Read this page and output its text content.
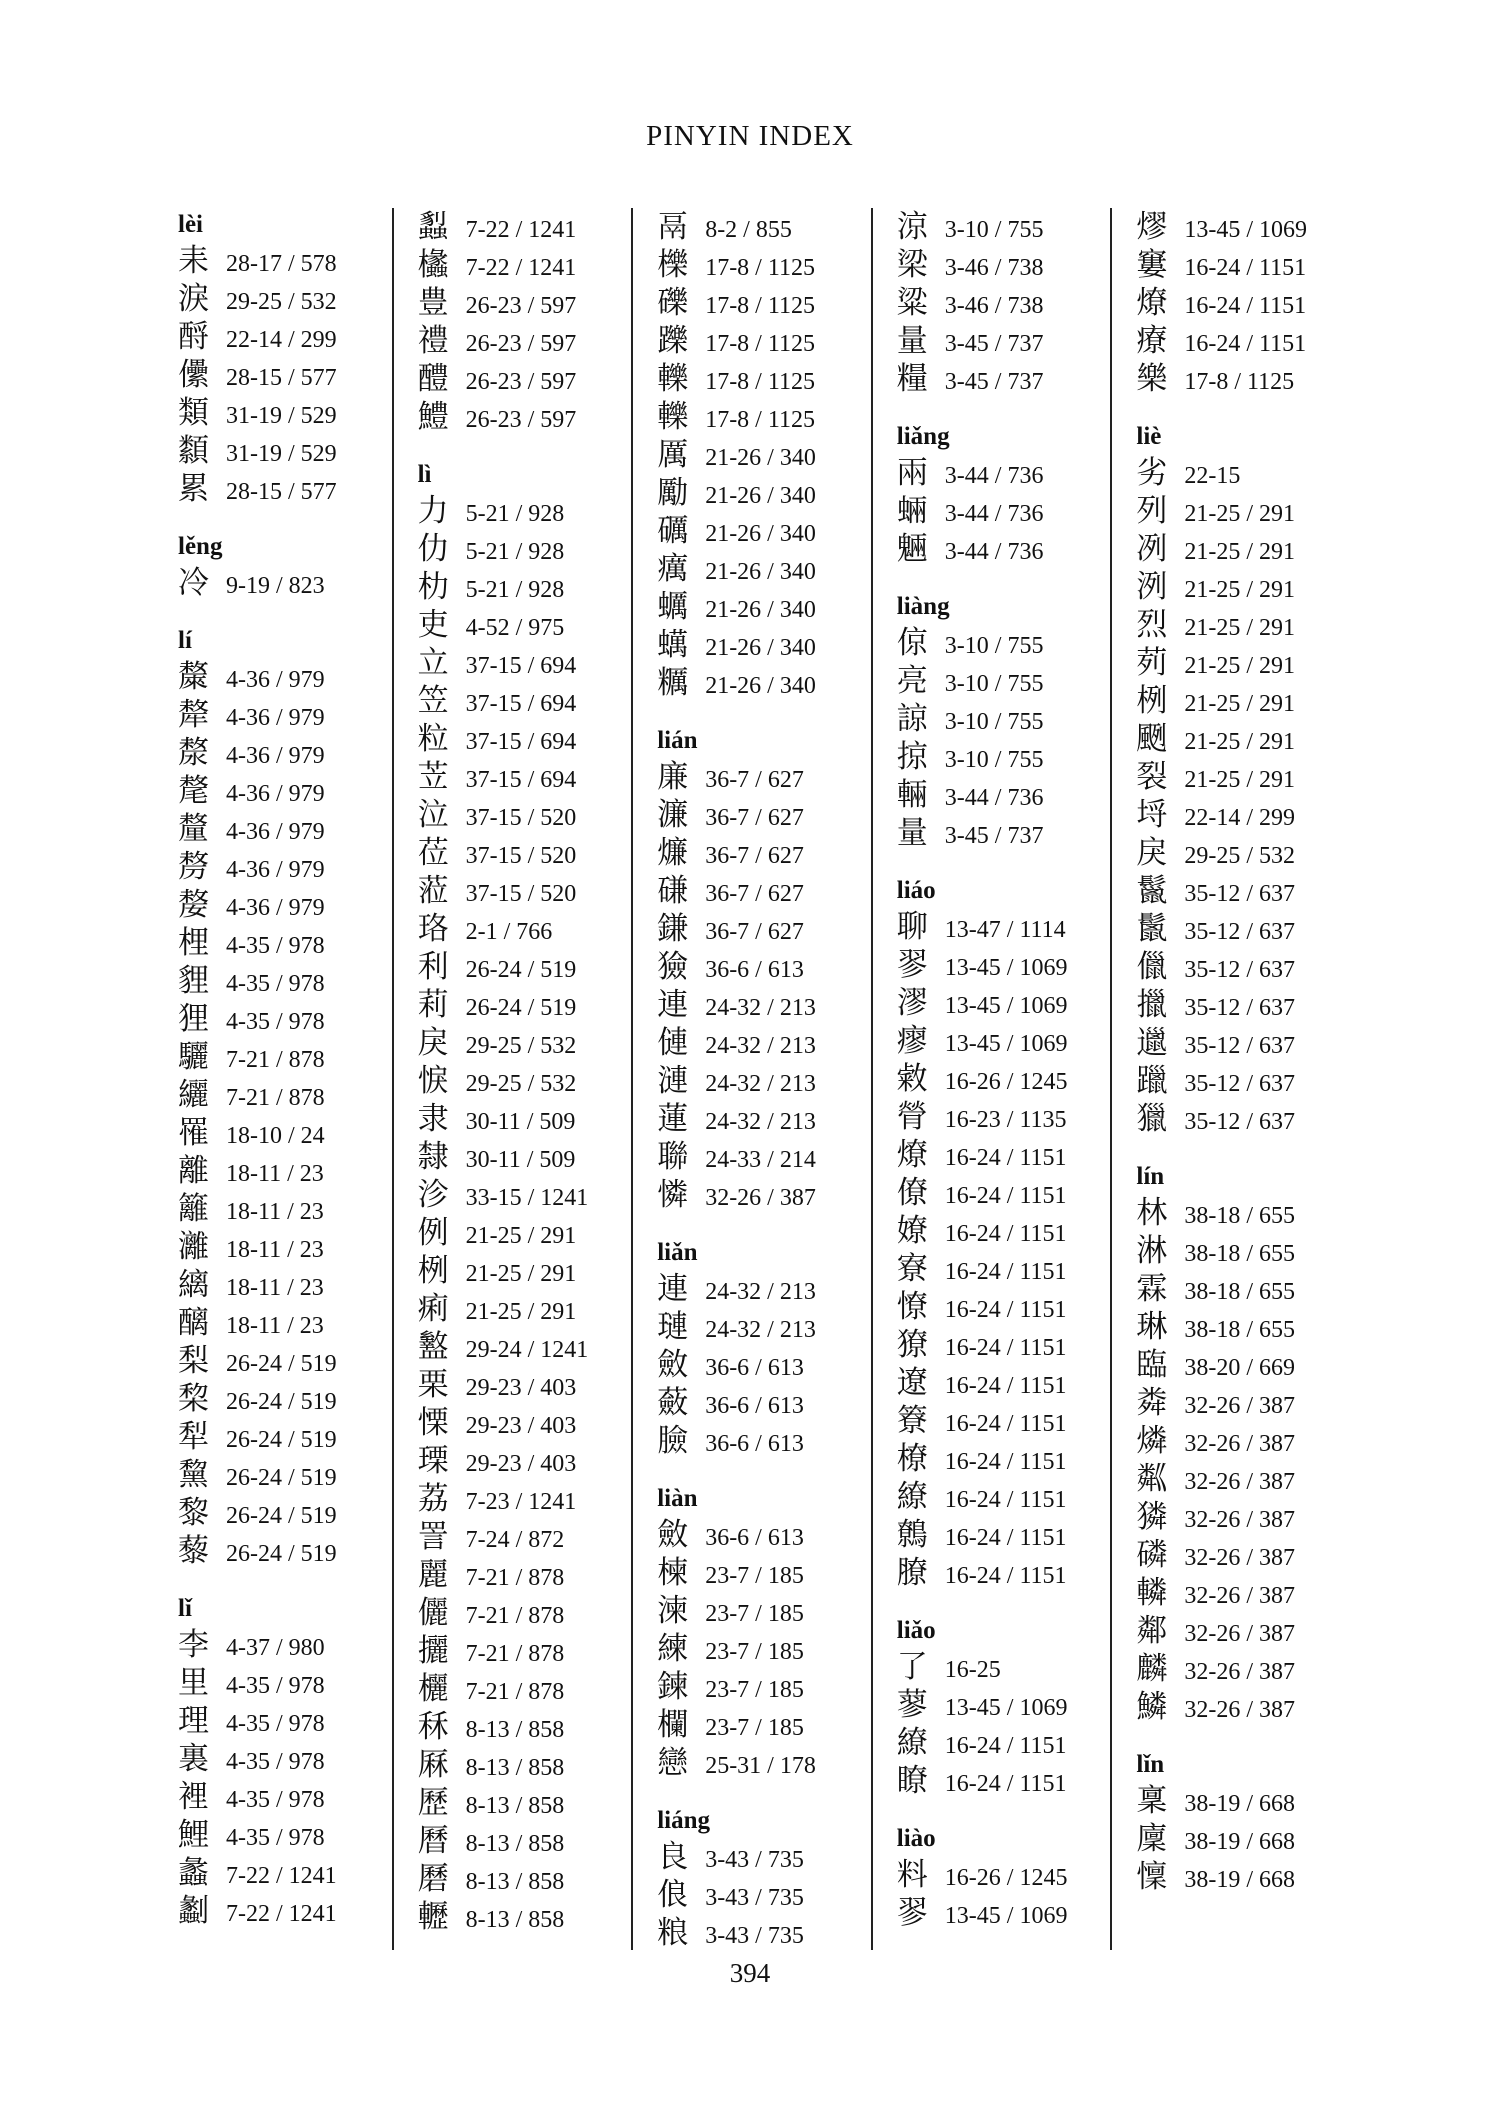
PINYIN INDEX
lèi
耒 28-17 / 578
淚 29-25 / 532
酹 22-14 / 299
儽 28-15 / 577
類 31-19 / 529
纇 31-19 / 529
累 28-15 / 577
lěng
冷 9-19 / 823
lí
斄 4-36 / 979
犛 4-36 / 979
漦 4-36 / 979
氂 4-36 / 979
釐 4-36 / 979
剺 4-36 / 979
嫠 4-36 / 979
梩 4-35 / 978
貍 4-35 / 978
狸 4-35 / 978
驪 7-21 / 878
纚 7-21 / 878
罹 18-10 / 24
離 18-11 / 23
籬 18-11 / 23
灕 18-11 / 23
縭 18-11 / 23
醨 18-11 / 23
梨 26-24 / 519
棃 26-24 / 519
犁 26-24 / 519
黧 26-24 / 519
黎 26-24 / 519
藜 26-24 / 519
lǐ
李 4-37 / 980
里 4-35 / 978
理 4-35 / 978
裏 4-35 / 978
裡 4-35 / 978
鯉 4-35 / 978
蠡 7-22 / 1241
劙 7-22 / 1241
蠫 7-22 / 1241
欚 7-22 / 1241
豊 26-23 / 597
禮 26-23 / 597
醴 26-23 / 597
鱧 26-23 / 597
lì
力 5-21 / 928
仂 5-21 / 928
朸 5-21 / 928
吏 4-52 / 975
立 37-15 / 694
笠 37-15 / 694
粒 37-15 / 694
苙 37-15 / 694
泣 37-15 / 520
莅 37-15 / 520
蒞 37-15 / 520
珞 2-1 / 766
利 26-24 / 519
莉 26-24 / 519
戾 29-25 / 532
悷 29-25 / 532
隶 30-11 / 509
隸 30-11 / 509
沴 33-15 / 1241
例 21-25 / 291
栵 21-25 / 291
痢 21-25 / 291
盭 29-24 / 1241
栗 29-23 / 403
慄 29-23 / 403
瑮 29-23 / 403
荔 7-23 / 1241
詈 7-24 / 872
麗 7-21 / 878
儷 7-21 / 878
攦 7-21 / 878
欐 7-21 / 878
秝 8-13 / 858
厤 8-13 / 858
歷 8-13 / 858
曆 8-13 / 858
磿 8-13 / 858
轣 8-13 / 858
鬲 8-2 / 855
櫟 17-8 / 1125
礫 17-8 / 1125
躒 17-8 / 1125
轢 17-8 / 1125
轢 17-8 / 1125
厲 21-26 / 340
勵 21-26 / 340
礪 21-26 / 340
癘 21-26 / 340
蠣 21-26 / 340
蠇 21-26 / 340
糲 21-26 / 340
lián
廉 36-7 / 627
濂 36-7 / 627
燫 36-7 / 627
磏 36-7 / 627
鎌 36-7 / 627
獫 36-6 / 613
連 24-32 / 213
僆 24-32 / 213
漣 24-32 / 213
蓮 24-32 / 213
聯 24-33 / 214
憐 32-26 / 387
liǎn
連 24-32 / 213
璉 24-32 / 213
斂 36-6 / 613
蘞 36-6 / 613
臉 36-6 / 613
liàn
斂 36-6 / 613
楝 23-7 / 185
湅 23-7 / 185
練 23-7 / 185
鍊 23-7 / 185
欄 23-7 / 185
戀 25-31 / 178
liáng
良 3-43 / 735
俍 3-43 / 735
粮 3-43 / 735
涼 3-10 / 755
梁 3-46 / 738
粱 3-46 / 738
量 3-45 / 737
糧 3-45 / 737
liǎng
兩 3-44 / 736
蜽 3-44 / 736
魎 3-44 / 736
liàng
倞 3-10 / 755
亮 3-10 / 755
諒 3-10 / 755
掠 3-10 / 755
輛 3-44 / 736
量 3-45 / 737
liáo
聊 13-47 / 1114
翏 13-45 / 1069
漻 13-45 / 1069
瘳 13-45 / 1069
敹 16-26 / 1245
膋 16-23 / 1135
燎 16-24 / 1151
僚 16-24 / 1151
嫽 16-24 / 1151
寮 16-24 / 1151
憭 16-24 / 1151
獠 16-24 / 1151
遼 16-24 / 1151
簝 16-24 / 1151
橑 16-24 / 1151
繚 16-24 / 1151
鷯 16-24 / 1151
膫 16-24 / 1151
liǎo
了 16-25
蓼 13-45 / 1069
繚 16-24 / 1151
瞭 16-24 / 1151
liào
料 16-26 / 1245
翏 13-45 / 1069
熮 13-45 / 1069
窶 16-24 / 1151
燎 16-24 / 1151
療 16-24 / 1151
樂 17-8 / 1125
liè
劣 22-15
列 21-25 / 291
冽 21-25 / 291
洌 21-25 / 291
烈 21-25 / 291
茢 21-25 / 291
栵 21-25 / 291
颲 21-25 / 291
裂 21-25 / 291
埒 22-14 / 299
戾 29-25 / 532
鬣 35-12 / 637
鬛 35-12 / 637
儠 35-12 / 637
擸 35-12 / 637
邋 35-12 / 637
躐 35-12 / 637
獵 35-12 / 637
lín
林 38-18 / 655
淋 38-18 / 655
霖 38-18 / 655
琳 38-18 / 655
臨 38-20 / 669
粦 32-26 / 387
燐 32-26 / 387
粼 32-26 / 387
獜 32-26 / 387
磷 32-26 / 387
轔 32-26 / 387
鄰 32-26 / 387
麟 32-26 / 387
鱗 32-26 / 387
lǐn
稟 38-19 / 668
廩 38-19 / 668
懍 38-19 / 668
394
